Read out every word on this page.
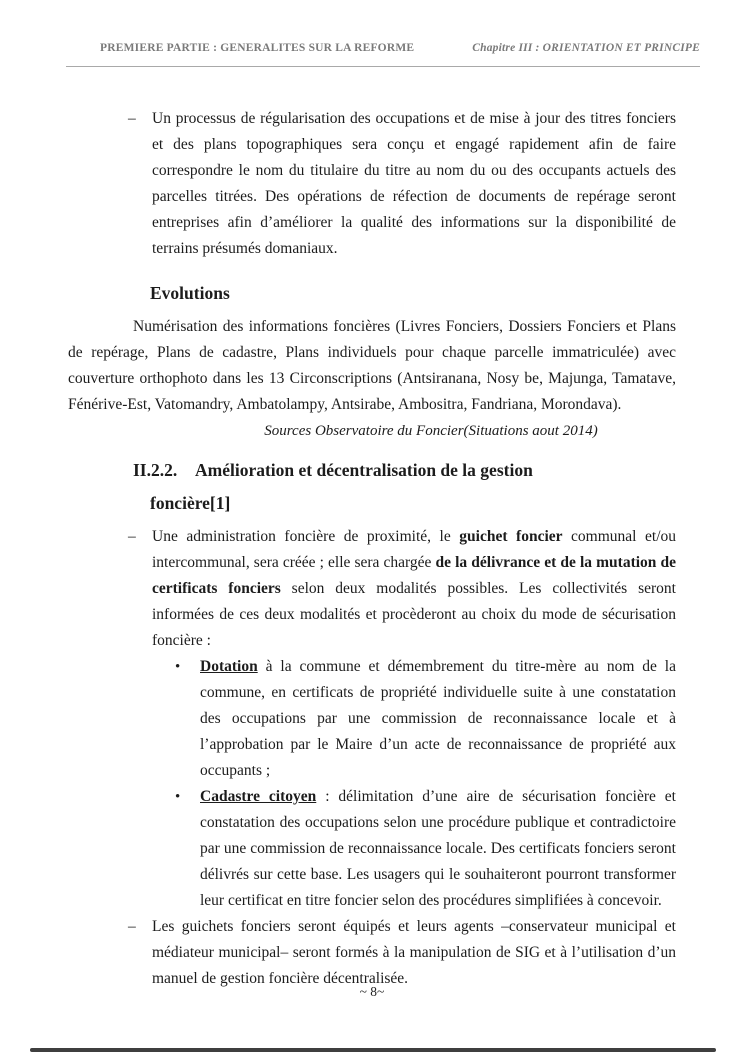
PREMIERE PARTIE : GENERALITES SUR LA REFORME	Chapitre III : ORIENTATION ET PRINCIPE
– Un processus de régularisation des occupations et de mise à jour des titres fonciers et des plans topographiques sera conçu et engagé rapidement afin de faire correspondre le nom du titulaire du titre au nom du ou des occupants actuels des parcelles titrées. Des opérations de réfection de documents de repérage seront entreprises afin d’améliorer la qualité des informations sur la disponibilité de terrains présumés domaniaux.
Evolutions
Numérisation des informations foncières (Livres Fonciers, Dossiers Fonciers et Plans de repérage, Plans de cadastre, Plans individuels pour chaque parcelle immatriculée) avec couverture orthophoto dans les 13 Circonscriptions (Antsiranana, Nosy be, Majunga, Tamatave, Fénérive-Est, Vatomandry, Ambatolampy, Antsirabe, Ambositra, Fandriana, Morondava).
Sources Observatoire du Foncier(Situations aout 2014)
II.2.2.	Amélioration et décentralisation de la gestion
foncière[1]
– Une administration foncière de proximité, le guichet foncier communal et/ou intercommunal, sera créée ; elle sera chargée de la délivrance et de la mutation de certificats fonciers selon deux modalités possibles. Les collectivités seront informées de ces deux modalités et procèderont au choix du mode de sécurisation foncière :
• Dotation à la commune et démembrement du titre-mère au nom de la commune, en certificats de propriété individuelle suite à une constatation des occupations par une commission de reconnaissance locale et à l’approbation par le Maire d’un acte de reconnaissance de propriété aux occupants ;
• Cadastre citoyen : délimitation d’une aire de sécurisation foncière et constatation des occupations selon une procédure publique et contradictoire par une commission de reconnaissance locale. Des certificats fonciers seront délivrés sur cette base. Les usagers qui le souhaiteront pourront transformer leur certificat en titre foncier selon des procédures simplifiées à concevoir.
– Les guichets fonciers seront équipés et leurs agents –conservateur municipal et médiateur municipal– seront formés à la manipulation de SIG et à l’utilisation d’un manuel de gestion foncière décentralisée.
~ 8~
